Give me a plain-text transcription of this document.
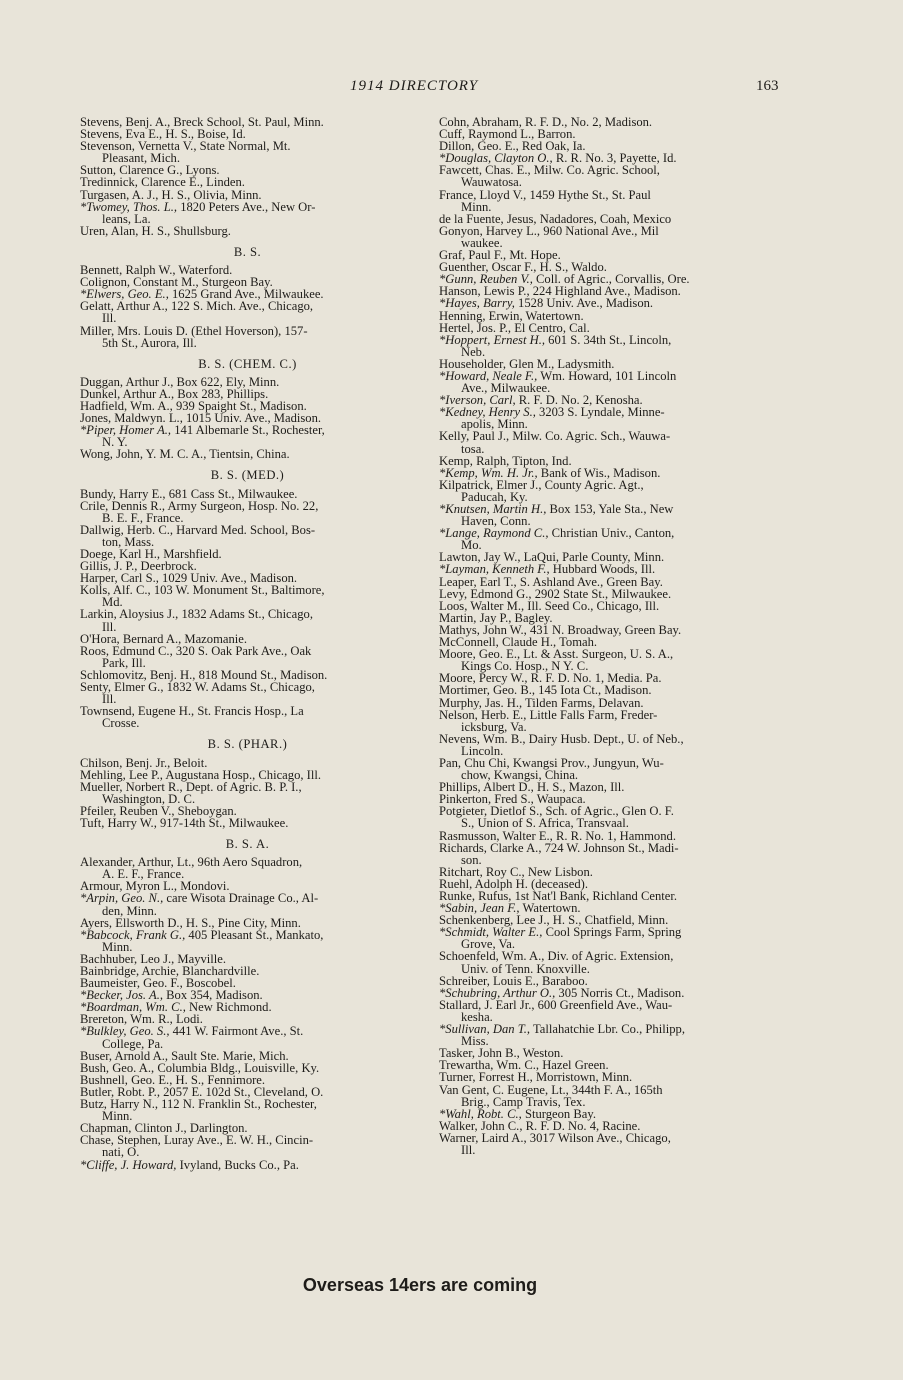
1914 DIRECTORY	163
Stevens, Benj. A., Breck School, St. Paul, Minn.
Stevens, Eva E., H. S., Boise, Id.
Stevenson, Vernetta V., State Normal, Mt.
Pleasant, Mich.
Sutton, Clarence G., Lyons.
Tredinnick, Clarence E., Linden.
Turgasen, A. J., H. S., Olivia, Minn.
*Twomey, Thos. L., 1820 Peters Ave., New Or-
leans, La.
Uren, Alan, H. S., Shullsburg.
B. S.
Bennett, Ralph W., Waterford.
Colignon, Constant M., Sturgeon Bay.
*Elwers, Geo. E., 1625 Grand Ave., Milwaukee.
Gelatt, Arthur A., 122 S. Mich. Ave., Chicago,
Ill.
Miller, Mrs. Louis D. (Ethel Hoverson), 157-
5th St., Aurora, Ill.
B. S. (CHEM. C.)
Duggan, Arthur J., Box 622, Ely, Minn.
Dunkel, Arthur A., Box 283, Phillips.
Hadfield, Wm. A., 939 Spaight St., Madison.
Jones, Maldwyn. L., 1015 Univ. Ave., Madison.
*Piper, Homer A., 141 Albemarle St., Rochester,
N. Y.
Wong, John, Y. M. C. A., Tientsin, China.
B. S. (MED.)
Bundy, Harry E., 681 Cass St., Milwaukee.
Crile, Dennis R., Army Surgeon, Hosp. No. 22,
B. E. F., France.
Dallwig, Herb. C., Harvard Med. School, Bos-
ton, Mass.
Doege, Karl H., Marshfield.
Gillis, J. P., Deerbrock.
Harper, Carl S., 1029 Univ. Ave., Madison.
Kolls, Alf. C., 103 W. Monument St., Baltimore,
Md.
Larkin, Aloysius J., 1832 Adams St., Chicago,
Ill.
O'Hora, Bernard A., Mazomanie.
Roos, Edmund C., 320 S. Oak Park Ave., Oak
Park, Ill.
Schlomovitz, Benj. H., 818 Mound St., Madison.
Senty, Elmer G., 1832 W. Adams St., Chicago,
Ill.
Townsend, Eugene H., St. Francis Hosp., La
Crosse.
B. S. (PHAR.)
Chilson, Benj. Jr., Beloit.
Mehling, Lee P., Augustana Hosp., Chicago, Ill.
Mueller, Norbert R., Dept. of Agric. B. P. I.,
Washington, D. C.
Pfeiler, Reuben V., Sheboygan.
Tuft, Harry W., 917-14th St., Milwaukee.
B. S. A.
Alexander, Arthur, Lt., 96th Aero Squadron,
A. E. F., France.
Armour, Myron L., Mondovi.
*Arpin, Geo. N., care Wisota Drainage Co., Al-
den, Minn.
Ayers, Ellsworth D., H. S., Pine City, Minn.
*Babcock, Frank G., 405 Pleasant St., Mankato,
Minn.
Bachhuber, Leo J., Mayville.
Bainbridge, Archie, Blanchardville.
Baumeister, Geo. F., Boscobel.
*Becker, Jos. A., Box 354, Madison.
*Boardman, Wm. C., New Richmond.
Brereton, Wm. R., Lodi.
*Bulkley, Geo. S., 441 W. Fairmont Ave., St.
College, Pa.
Buser, Arnold A., Sault Ste. Marie, Mich.
Bush, Geo. A., Columbia Bldg., Louisville, Ky.
Bushnell, Geo. E., H. S., Fennimore.
Butler, Robt. P., 2057 E. 102d St., Cleveland, O.
Butz, Harry N., 112 N. Franklin St., Rochester,
Minn.
Chapman, Clinton J., Darlington.
Chase, Stephen, Luray Ave., E. W. H., Cincin-
nati, O.
*Cliffe, J. Howard, Ivyland, Bucks Co., Pa.
Cohn, Abraham, R. F. D., No. 2, Madison.
Cuff, Raymond L., Barron.
Dillon, Geo. E., Red Oak, Ia.
*Douglas, Clayton O., R. R. No. 3, Payette, Id.
Fawcett, Chas. E., Milw. Co. Agric. School,
Wauwatosa.
France, Lloyd V., 1459 Hythe St., St. Paul
Minn.
de la Fuente, Jesus, Nadadores, Coah, Mexico
Gonyon, Harvey L., 960 National Ave., Mil
waukee.
Graf, Paul F., Mt. Hope.
Guenther, Oscar F., H. S., Waldo.
*Gunn, Reuben V., Coll. of Agric., Corvallis, Ore.
Hanson, Lewis P., 224 Highland Ave., Madison.
*Hayes, Barry, 1528 Univ. Ave., Madison.
Henning, Erwin, Watertown.
Hertel, Jos. P., El Centro, Cal.
*Hoppert, Ernest H., 601 S. 34th St., Lincoln,
Neb.
Householder, Glen M., Ladysmith.
*Howard, Neale F., Wm. Howard, 101 Lincoln
Ave., Milwaukee.
*Iverson, Carl, R. F. D. No. 2, Kenosha.
*Kedney, Henry S., 3203 S. Lyndale, Minne-
apolis, Minn.
Kelly, Paul J., Milw. Co. Agric. Sch., Wauwa-
tosa.
Kemp, Ralph, Tipton, Ind.
*Kemp, Wm. H. Jr., Bank of Wis., Madison.
Kilpatrick, Elmer J., County Agric. Agt.,
Paducah, Ky.
*Knutsen, Martin H., Box 153, Yale Sta., New
Haven, Conn.
*Lange, Raymond C., Christian Univ., Canton,
Mo.
Lawton, Jay W., LaQui, Parle County, Minn.
*Layman, Kenneth F., Hubbard Woods, Ill.
Leaper, Earl T., S. Ashland Ave., Green Bay.
Levy, Edmond G., 2902 State St., Milwaukee.
Loos, Walter M., Ill. Seed Co., Chicago, Ill.
Martin, Jay P., Bagley.
Mathys, John W., 431 N. Broadway, Green Bay.
McConnell, Claude H., Tomah.
Moore, Geo. E., Lt. & Asst. Surgeon, U. S. A.,
Kings Co. Hosp., N Y. C.
Moore, Percy W., R. F. D. No. 1, Media. Pa.
Mortimer, Geo. B., 145 Iota Ct., Madison.
Murphy, Jas. H., Tilden Farms, Delavan.
Nelson, Herb. E., Little Falls Farm, Freder-
icksburg, Va.
Nevens, Wm. B., Dairy Husb. Dept., U. of Neb.,
Lincoln.
Pan, Chu Chi, Kwangsi Prov., Jungyun, Wu-
chow, Kwangsi, China.
Phillips, Albert D., H. S., Mazon, Ill.
Pinkerton, Fred S., Waupaca.
Potgieter, Dietlof S., Sch. of Agric., Glen O. F.
S., Union of S. Africa, Transvaal.
Rasmusson, Walter E., R. R. No. 1, Hammond.
Richards, Clarke A., 724 W. Johnson St., Madi-
son.
Ritchart, Roy C., New Lisbon.
Ruehl, Adolph H. (deceased).
Runke, Rufus, 1st Nat'l Bank, Richland Center.
*Sabin, Jean F., Watertown.
Schenkenberg, Lee J., H. S., Chatfield, Minn.
*Schmidt, Walter E., Cool Springs Farm, Spring
Grove, Va.
Schoenfeld, Wm. A., Div. of Agric. Extension,
Univ. of Tenn. Knoxville.
Schreiber, Louis E., Baraboo.
*Schubring, Arthur O., 305 Norris Ct., Madison.
Stallard, J. Earl Jr., 600 Greenfield Ave., Wau-
kesha.
*Sullivan, Dan T., Tallahatchie Lbr. Co., Philipp,
Miss.
Tasker, John B., Weston.
Trewartha, Wm. C., Hazel Green.
Turner, Forrest H., Morristown, Minn.
Van Gent, C. Eugene, Lt., 344th F. A., 165th
Brig., Camp Travis, Tex.
*Wahl, Robt. C., Sturgeon Bay.
Walker, John C., R. F. D. No. 4, Racine.
Warner, Laird A., 3017 Wilson Ave., Chicago,
Ill.
Overseas 14ers are coming
